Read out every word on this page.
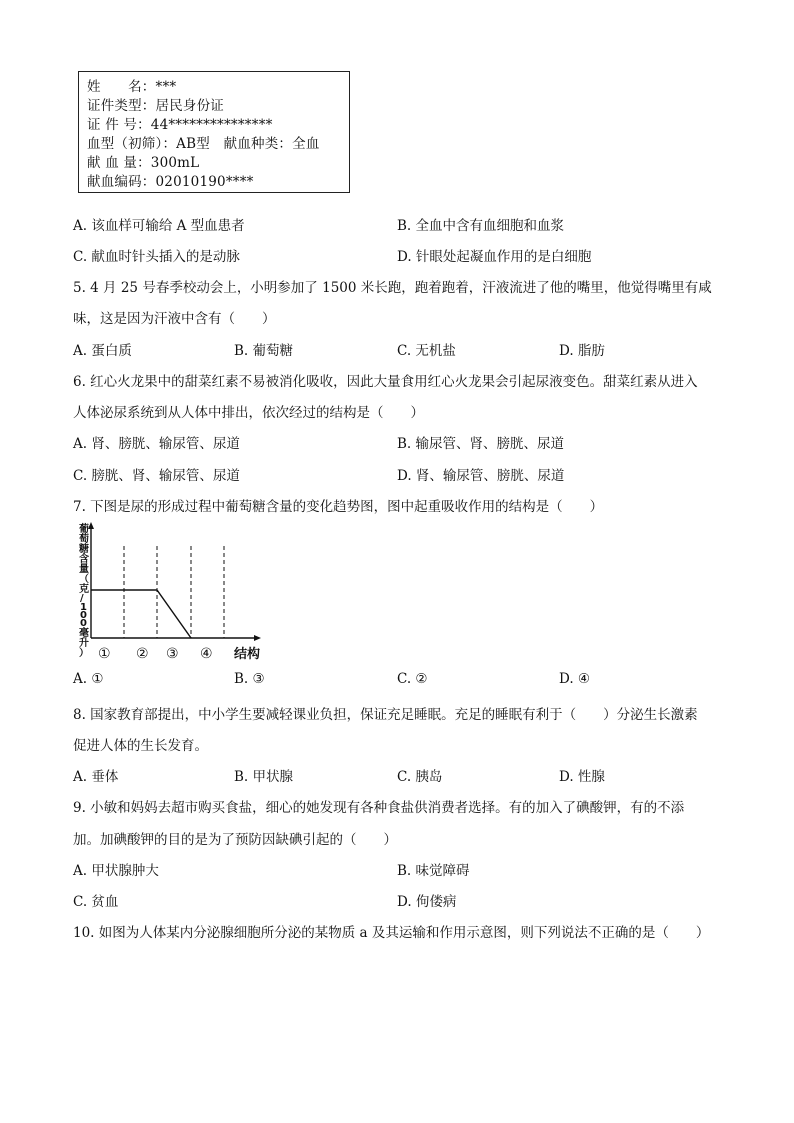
姓　　名：***
证件类型：居民身份证
证 件 号：44***************
血型（初筛）：AB型　献血种类：全血
献 血 量：300mL
献血编码：02010190****
A. 该血样可输给 A 型血患者	B. 全血中含有血细胞和血浆
C. 献血时针头插入的是动脉	D. 针眼处起凝血作用的是白细胞
5. 4 月 25 号春季校动会上，小明参加了 1500 米长跑，跑着跑着，汗液流进了他的嘴里，他觉得嘴里有咸
味，这是因为汗液中含有（　　）
A. 蛋白质	B. 葡萄糖	C. 无机盐	D. 脂肪
6. 红心火龙果中的甜菜红素不易被消化吸收，因此大量食用红心火龙果会引起尿液变色。甜菜红素从进入
人体泌尿系统到从人体中排出，依次经过的结构是（　　）
A. 肾、膀胱、输尿管、尿道	B. 输尿管、肾、膀胱、尿道
C. 膀胱、肾、输尿管、尿道	D. 肾、输尿管、膀胱、尿道
7. 下图是尿的形成过程中葡萄糖含量的变化趋势图，图中起重吸收作用的结构是（　　）
葡
萄
糖
含
量
（
克
/
1
0
0
毫
升
） ① ② ③ ④ 结构
A. ①	B. ③	C. ②	D. ④
8. 国家教育部提出，中小学生要减轻课业负担，保证充足睡眠。充足的睡眠有利于（　　）分泌生长激素
促进人体的生长发育。
A. 垂体	B. 甲状腺	C. 胰岛	D. 性腺
9. 小敏和妈妈去超市购买食盐，细心的她发现有各种食盐供消费者选择。有的加入了碘酸钾，有的不添
加。加碘酸钾的目的是为了预防因缺碘引起的（　　）
A. 甲状腺肿大	B. 味觉障碍
C. 贫血	D. 佝偻病
10. 如图为人体某内分泌腺细胞所分泌的某物质 a 及其运输和作用示意图，则下列说法不正确的是（　　）
